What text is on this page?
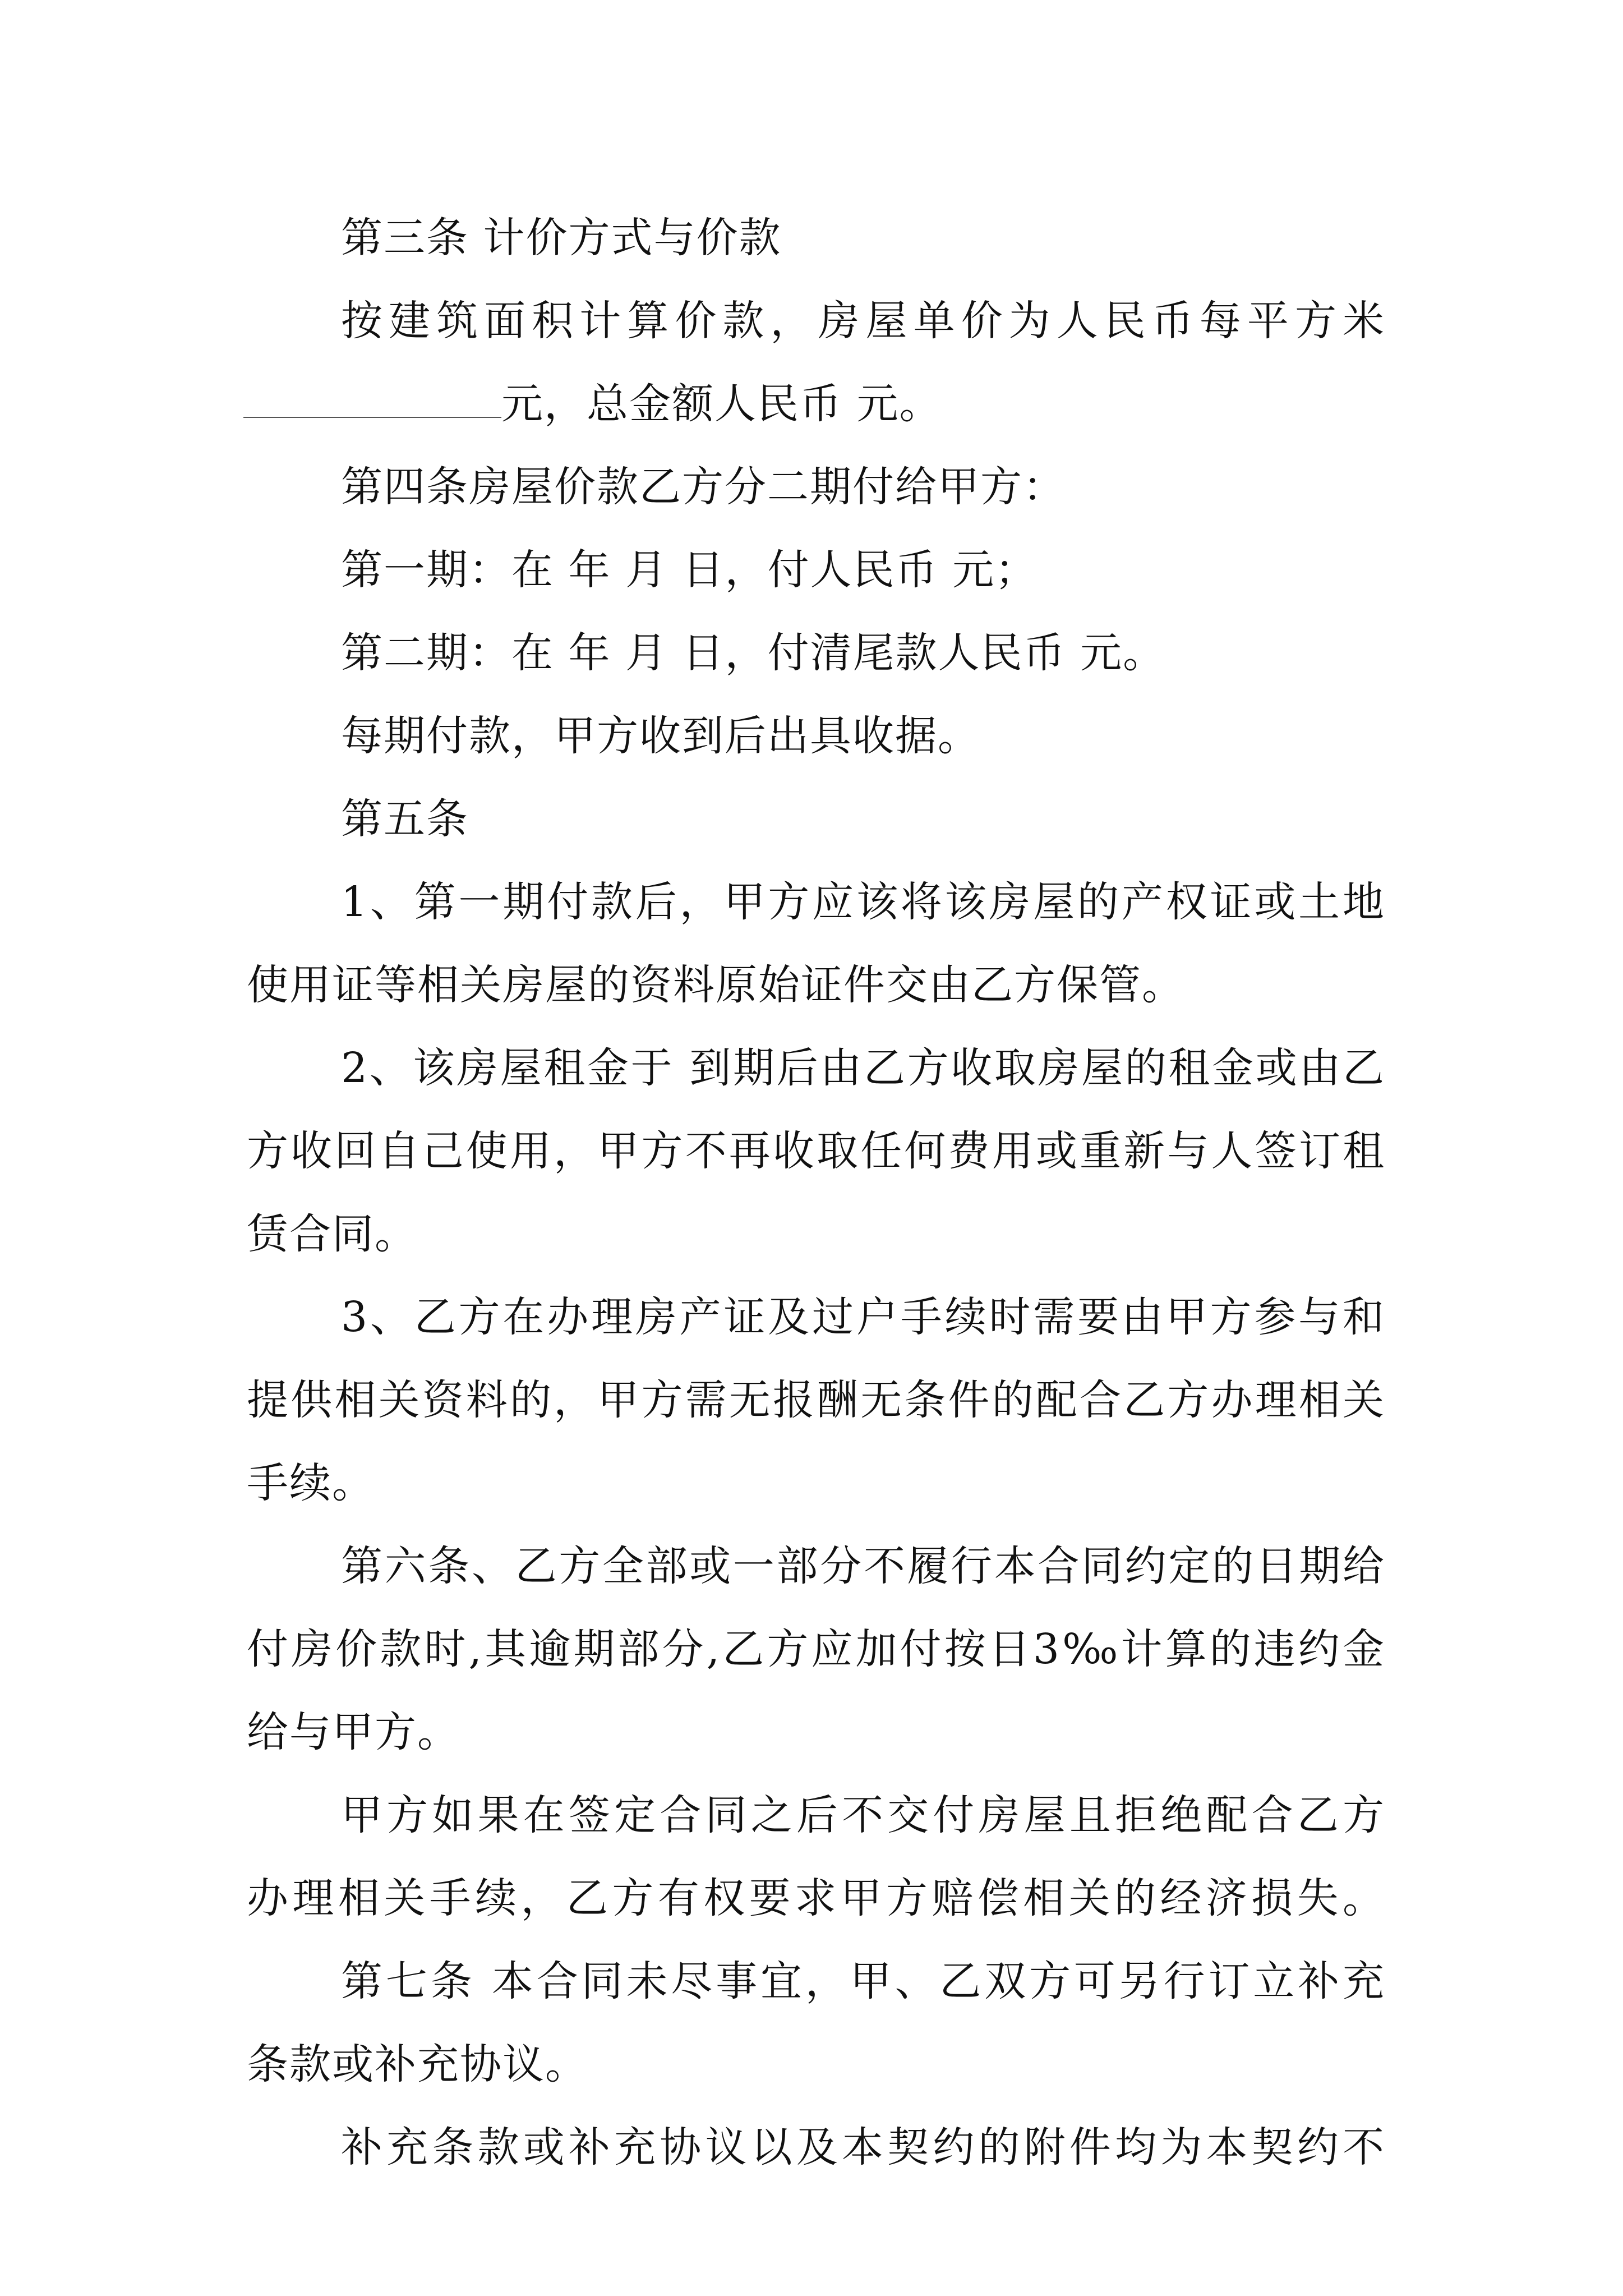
第三条 计价方式与价款
按建筑面积计算价款，房屋单价为人民币每平方米
元，总金额人民币 元。
第四条房屋价款乙方分二期付给甲方：
第一期：在 年 月 日，付人民币 元；
第二期：在 年 月 日，付清尾款人民币 元。
每期付款，甲方收到后出具收据。
第五条
1、第一期付款后，甲方应该将该房屋的产权证或土地
使用证等相关房屋的资料原始证件交由乙方保管。
2、该房屋租金于 到期后由乙方收取房屋的租金或由乙
方收回自己使用，甲方不再收取任何费用或重新与人签订租
赁合同。
3、乙方在办理房产证及过户手续时需要由甲方参与和
提供相关资料的，甲方需无报酬无条件的配合乙方办理相关
手续。
第六条、乙方全部或一部分不履行本合同约定的日期给
付房价款时,其逾期部分,乙方应加付按日3‰计算的违约金
给与甲方。
甲方如果在签定合同之后不交付房屋且拒绝配合乙方
办理相关手续，乙方有权要求甲方赔偿相关的经济损失。
第七条 本合同未尽事宜，甲、乙双方可另行订立补充
条款或补充协议。
补充条款或补充协议以及本契约的附件均为本契约不
